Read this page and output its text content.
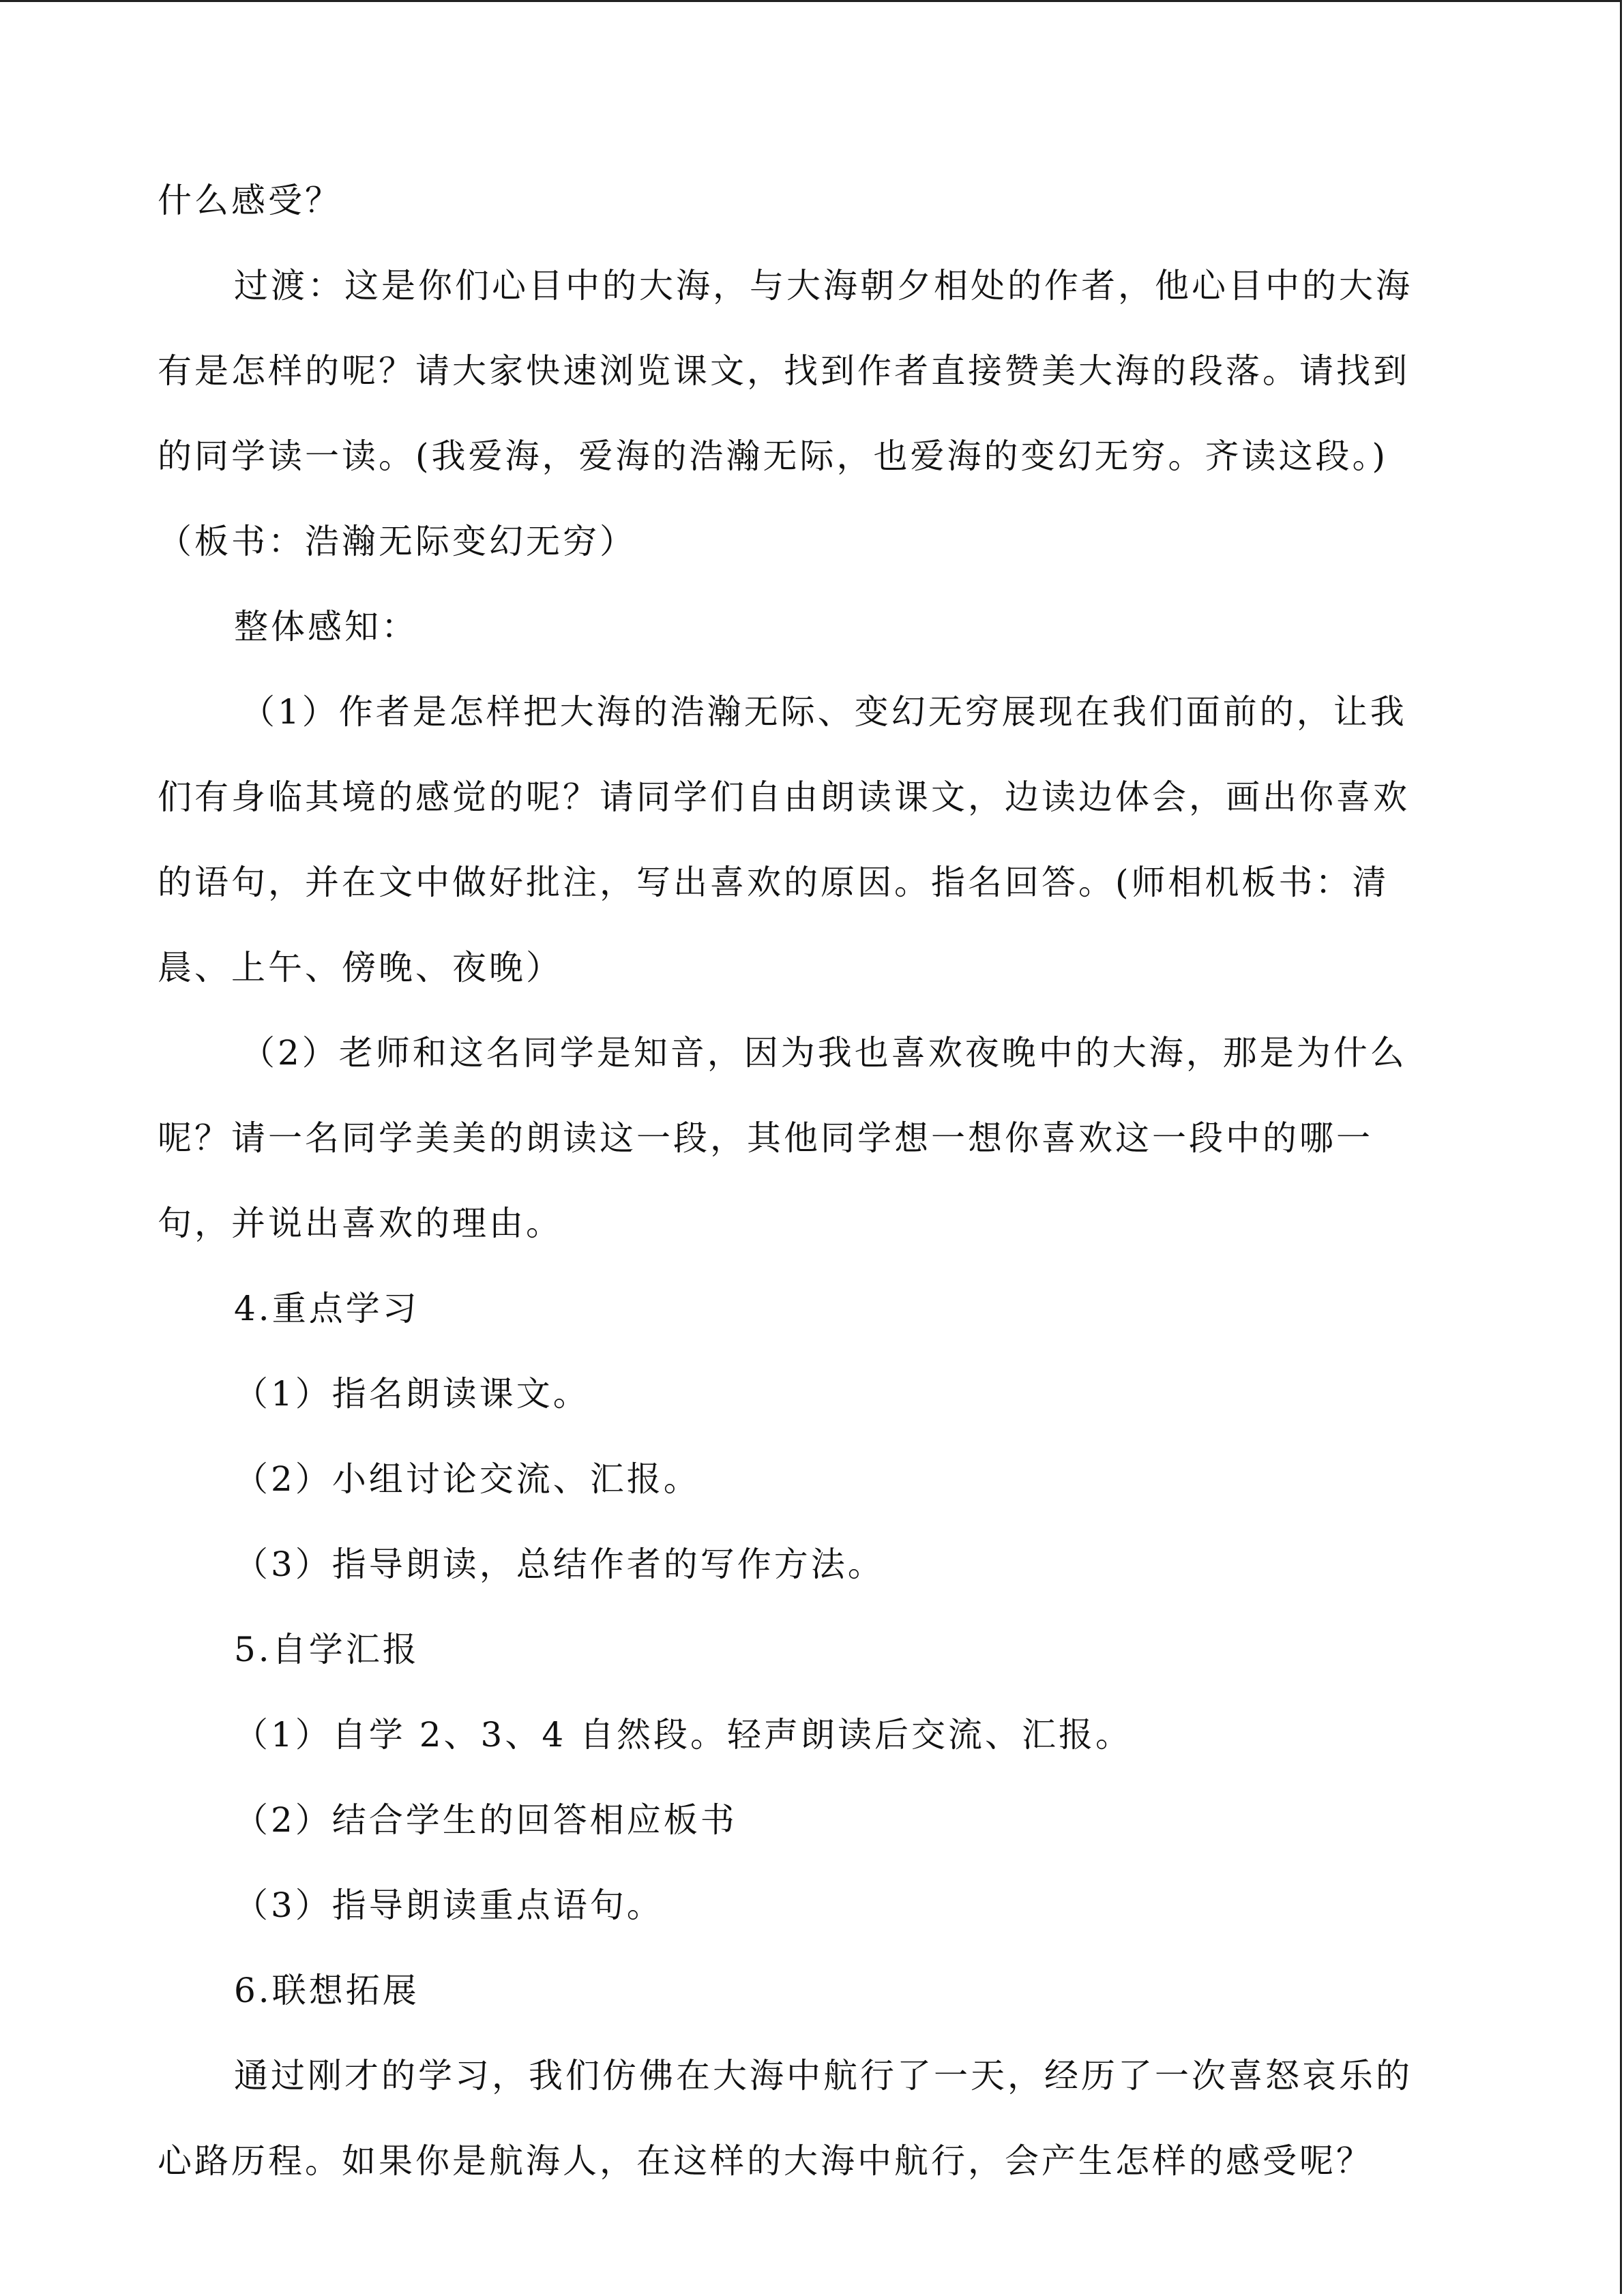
什么感受？
过渡：这是你们心目中的大海，与大海朝夕相处的作者，他心目中的大海
有是怎样的呢？请大家快速浏览课文，找到作者直接赞美大海的段落。请找到
的同学读一读。(我爱海，爱海的浩瀚无际，也爱海的变幻无穷。齐读这段。)
（板书：浩瀚无际变幻无穷）
整体感知：
（1）作者是怎样把大海的浩瀚无际、变幻无穷展现在我们面前的，让我
们有身临其境的感觉的呢？请同学们自由朗读课文，边读边体会，画出你喜欢
的语句，并在文中做好批注，写出喜欢的原因。指名回答。(师相机板书：清
晨、上午、傍晚、夜晚）
（2）老师和这名同学是知音，因为我也喜欢夜晚中的大海，那是为什么
呢？请一名同学美美的朗读这一段，其他同学想一想你喜欢这一段中的哪一
句，并说出喜欢的理由。
4.重点学习
（1）指名朗读课文。
（2）小组讨论交流、汇报。
（3）指导朗读，总结作者的写作方法。
5.自学汇报
（1）自学 2、3、4 自然段。轻声朗读后交流、汇报。
（2）结合学生的回答相应板书
（3）指导朗读重点语句。
6.联想拓展
通过刚才的学习，我们仿佛在大海中航行了一天，经历了一次喜怒哀乐的
心路历程。如果你是航海人，在这样的大海中航行，会产生怎样的感受呢？
